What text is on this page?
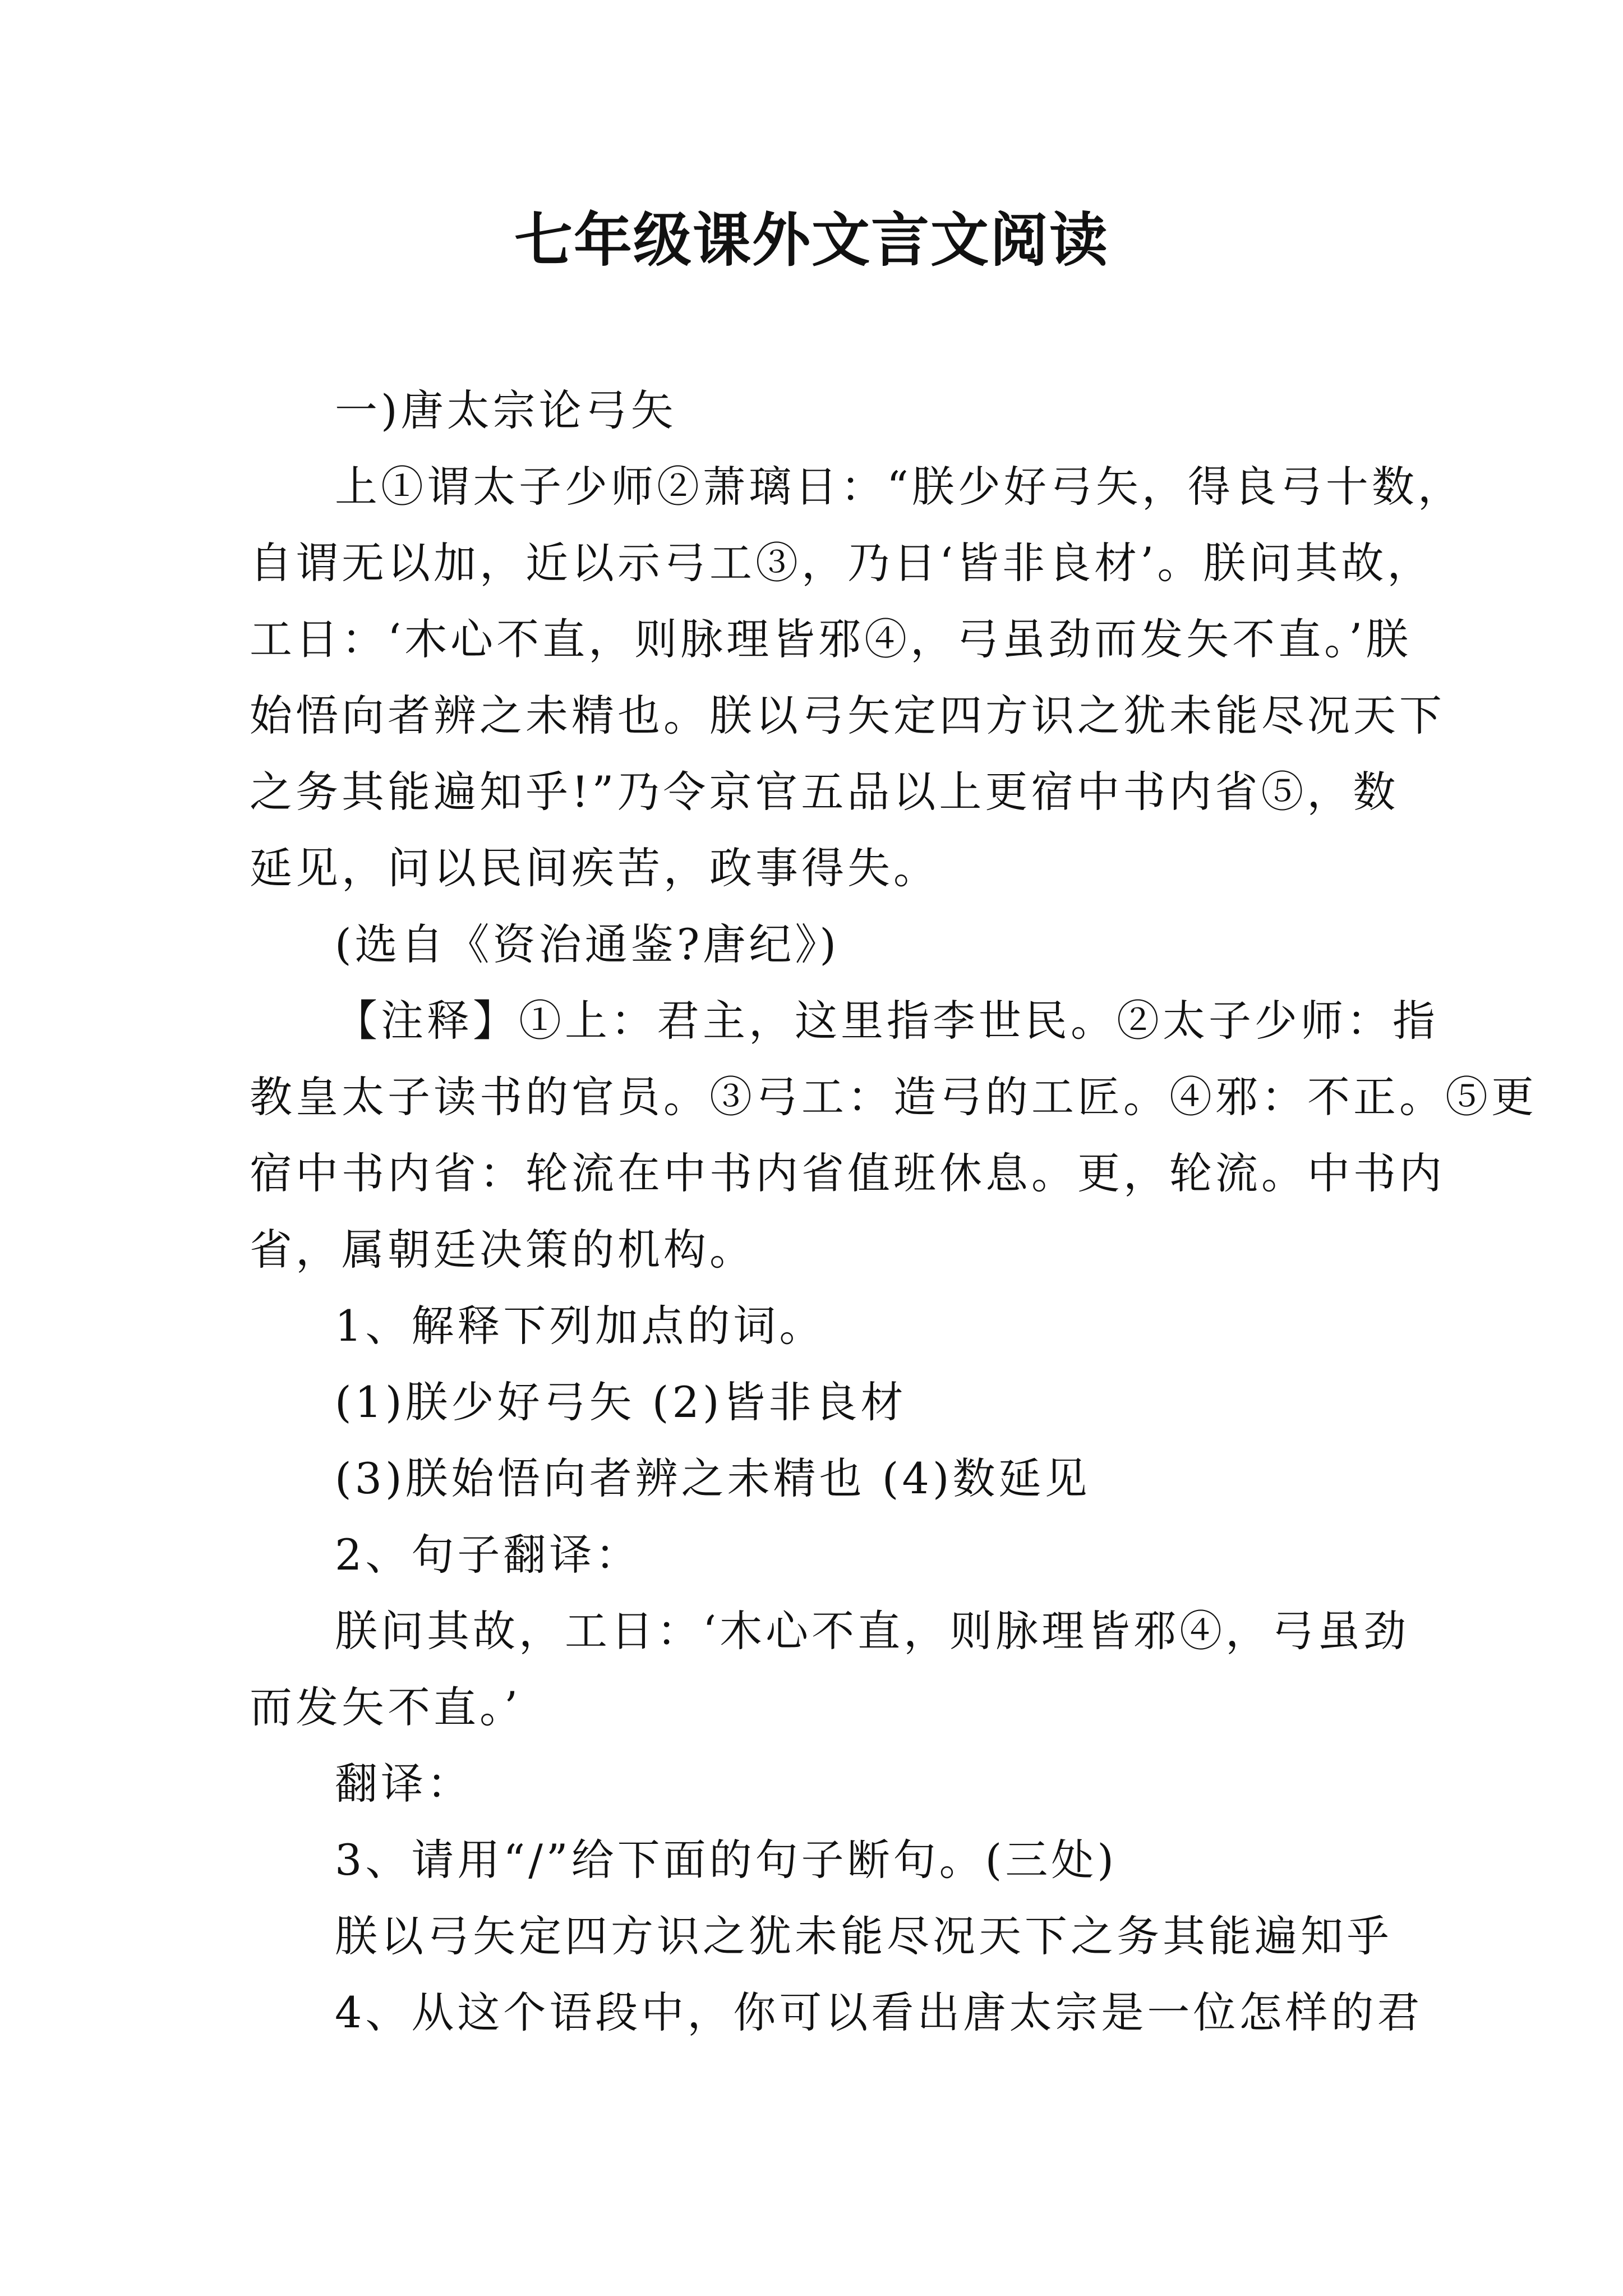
七年级课外文言文阅读

一)唐太宗论弓矢

上①谓太子少师②萧璃日：“朕少好弓矢，得良弓十数，

自谓无以加，近以示弓工③，乃日‘皆非良材’。朕问其故，

工日：‘木心不直，则脉理皆邪④，弓虽劲而发矢不直。’朕

始悟向者辨之未精也。朕以弓矢定四方识之犹未能尽况天下

之务其能遍知乎!”乃令京官五品以上更宿中书内省⑤，数

延见，问以民间疾苦，政事得失。

(选自《资治通鉴?唐纪》)

【注释】①上：君主，这里指李世民。②太子少师：指

教皇太子读书的官员。③弓工：造弓的工匠。④邪：不正。⑤更

宿中书内省：轮流在中书内省值班休息。更，轮流。中书内

省，属朝廷决策的机构。

1、解释下列加点的词。

(1)朕少好弓矢 (2)皆非良材

(3)朕始悟向者辨之未精也 (4)数延见

2、句子翻译：

朕问其故，工日：‘木心不直，则脉理皆邪④，弓虽劲

而发矢不直。’

翻译：

3、请用“/”给下面的句子断句。(三处)

朕以弓矢定四方识之犹未能尽况天下之务其能遍知乎

4、从这个语段中，你可以看出唐太宗是一位怎样的君
